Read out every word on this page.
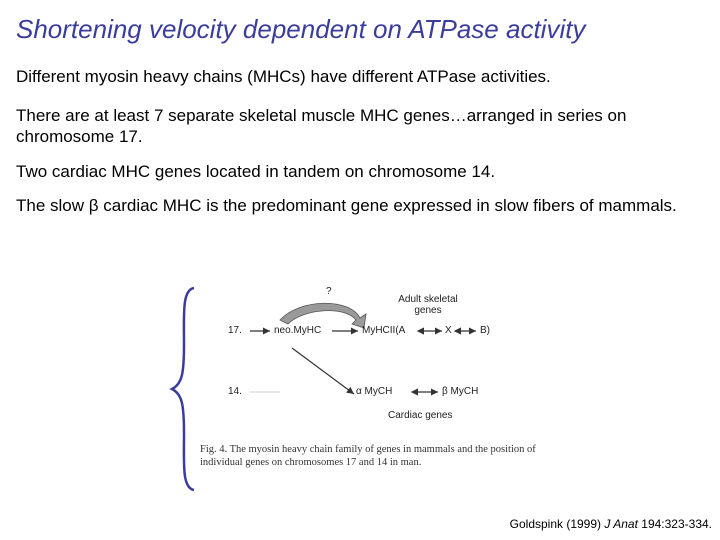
Shortening velocity dependent on ATPase activity
Different myosin heavy chains (MHCs) have different ATPase activities.
There are at least 7 separate skeletal muscle MHC genes…arranged in series on chromosome 17.
Two cardiac MHC genes located in tandem on chromosome 14.
The slow β cardiac MHC is the predominant gene expressed in slow fibers of mammals.
?
Adult skeletal genes
17.	neo.MyHC	MyHCII(A	X	B)
14.	α MyCH	β MyCH
Cardiac genes
Fig. 4. The myosin heavy chain family of genes in mammals and the position of individual genes on chromosomes 17 and 14 in man.
Goldspink (1999) J Anat 194:323-334.
